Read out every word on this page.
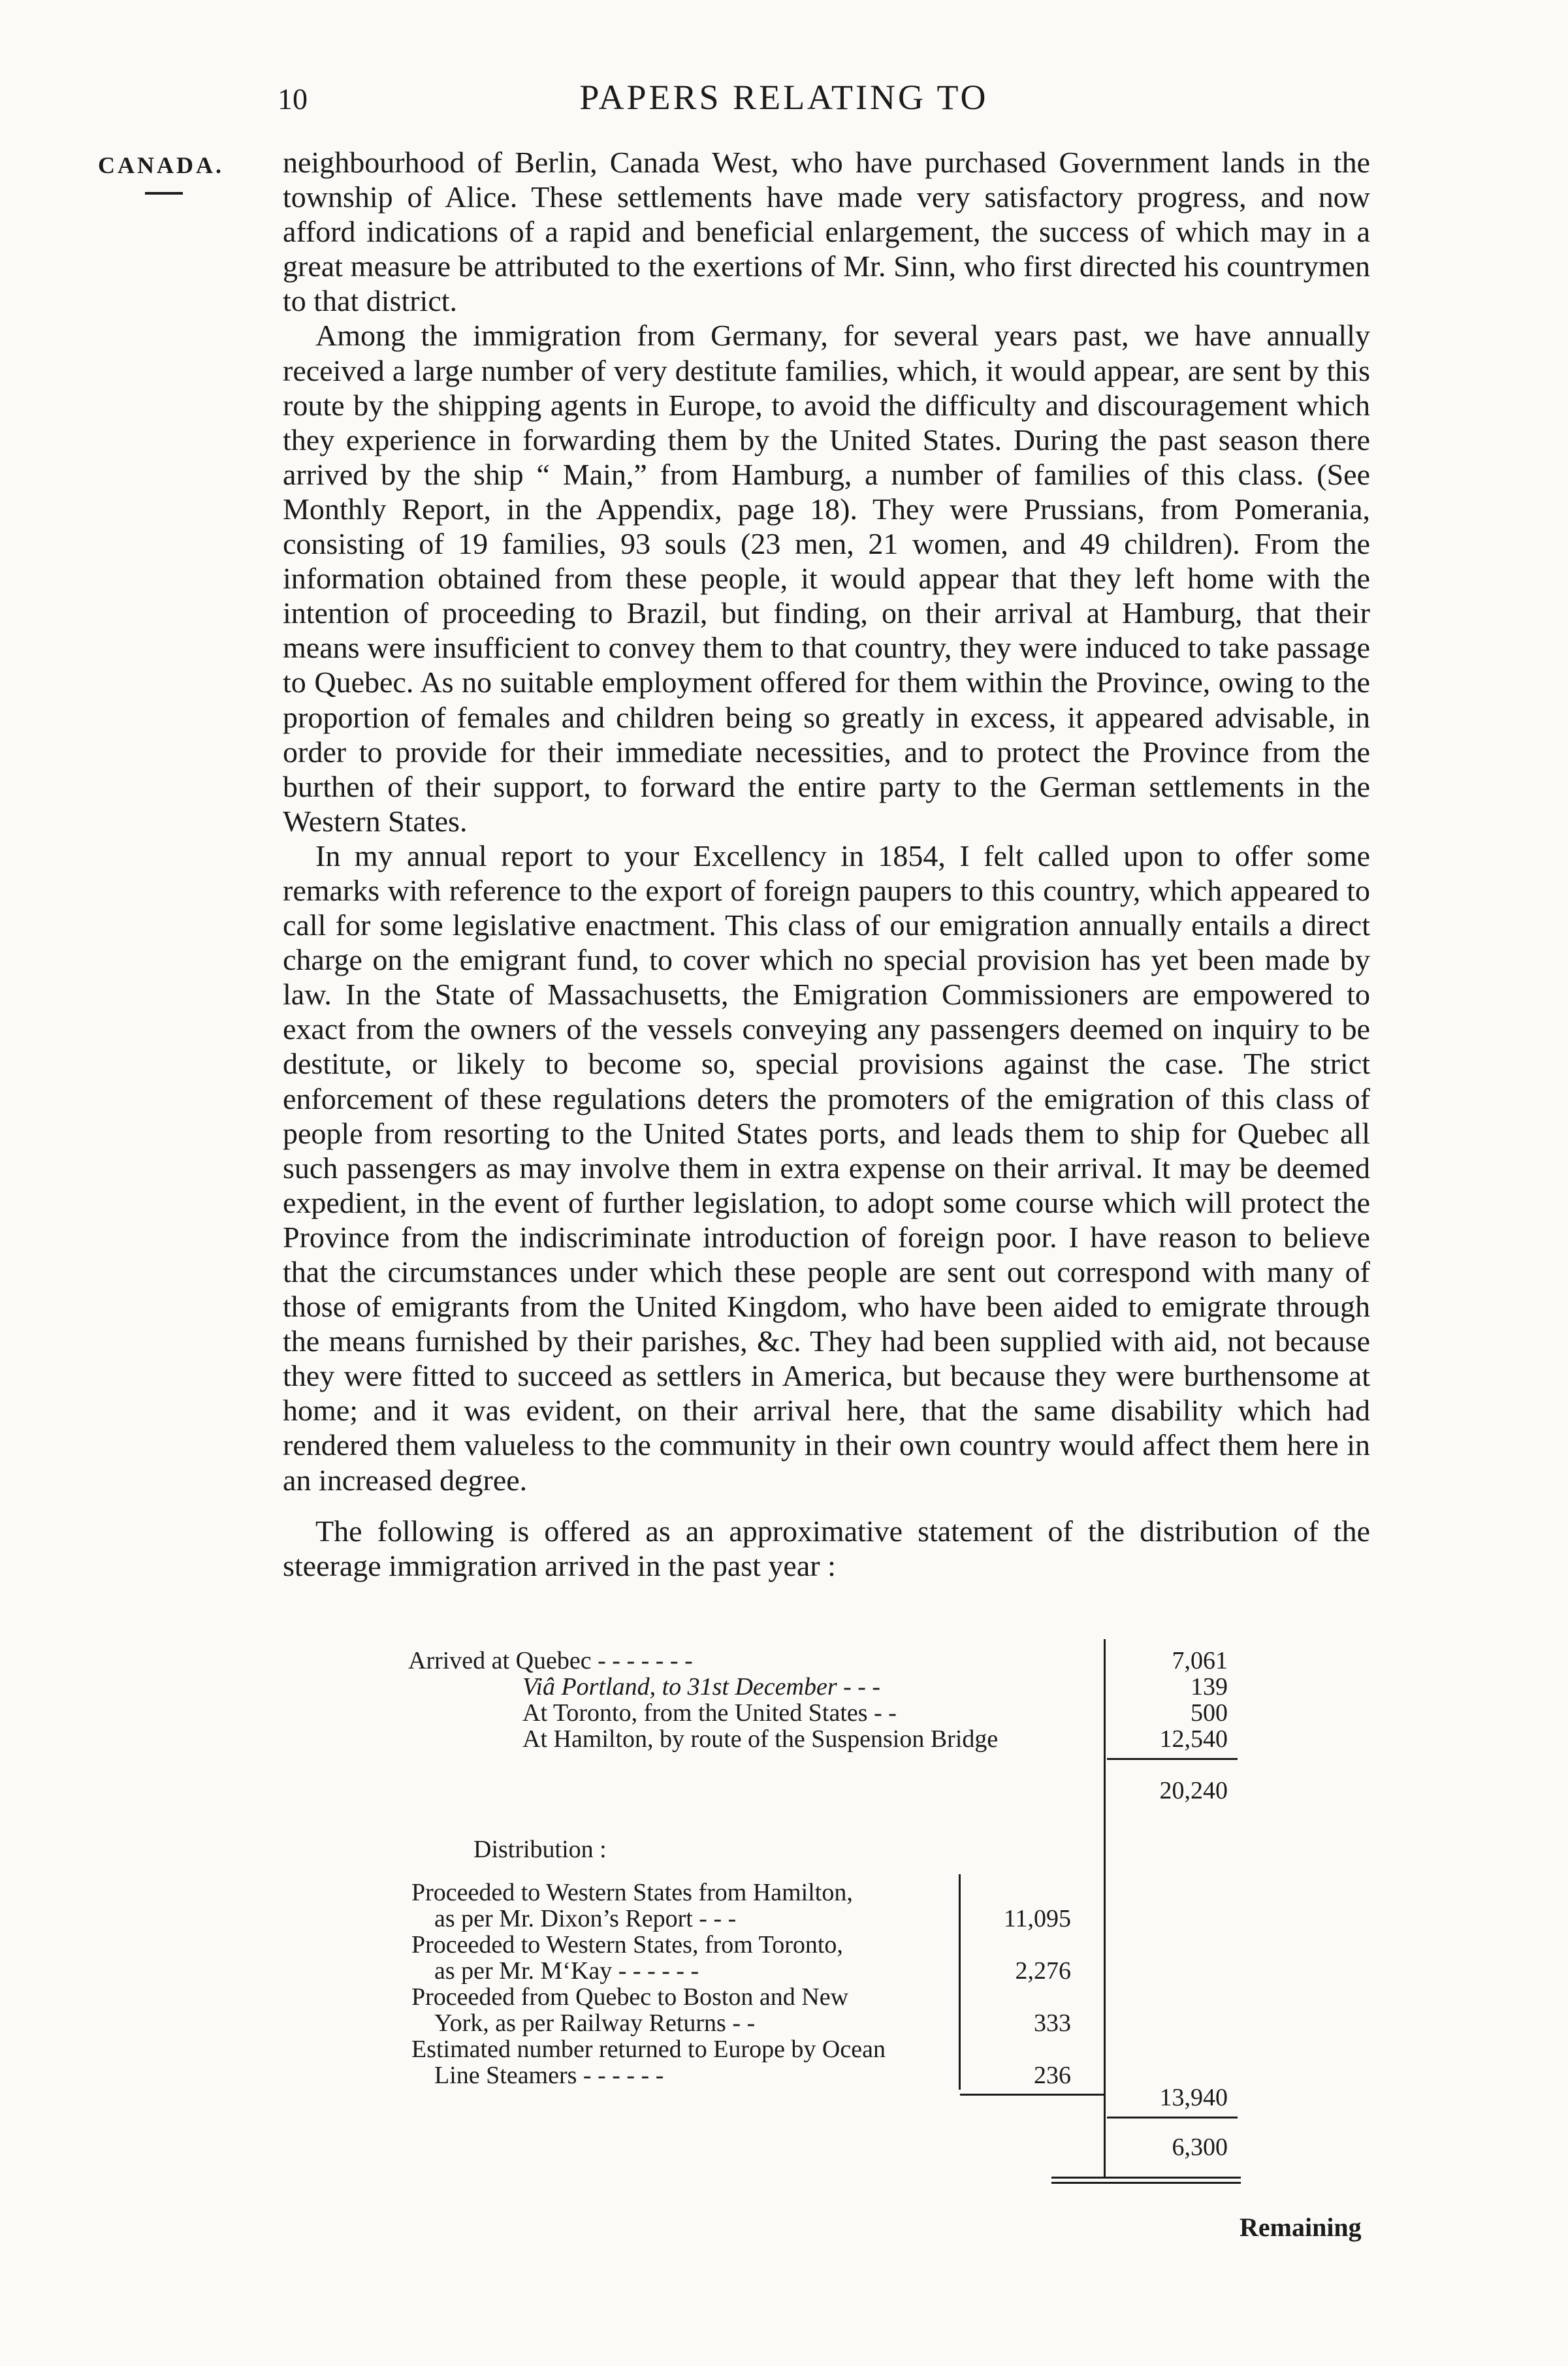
10	PAPERS RELATING TO
CANADA. neighbourhood of Berlin, Canada West, who have purchased Government lands in the township of Alice. These settlements have made very satisfactory progress, and now afford indications of a rapid and beneficial enlargement, the success of which may in a great measure be attributed to the exertions of Mr. Sinn, who first directed his countrymen to that district.

Among the immigration from Germany, for several years past, we have annually received a large number of very destitute families, which, it would appear, are sent by this route by the shipping agents in Europe, to avoid the difficulty and discouragement which they experience in forwarding them by the United States. During the past season there arrived by the ship “ Main,” from Hamburg, a number of families of this class. (See Monthly Report, in the Appendix, page 18). They were Prussians, from Pomerania, consisting of 19 families, 93 souls (23 men, 21 women, and 49 children). From the information obtained from these people, it would appear that they left home with the intention of proceeding to Brazil, but finding, on their arrival at Hamburg, that their means were insufficient to convey them to that country, they were induced to take passage to Quebec. As no suitable employment offered for them within the Province, owing to the proportion of females and children being so greatly in excess, it appeared advisable, in order to provide for their immediate necessities, and to protect the Province from the burthen of their support, to forward the entire party to the German settlements in the Western States.

In my annual report to your Excellency in 1854, I felt called upon to offer some remarks with reference to the export of foreign paupers to this country, which appeared to call for some legislative enactment. This class of our emigration annually entails a direct charge on the emigrant fund, to cover which no special provision has yet been made by law. In the State of Massachusetts, the Emigration Commissioners are empowered to exact from the owners of the vessels conveying any passengers deemed on inquiry to be destitute, or likely to become so, special provisions against the case. The strict enforcement of these regulations deters the promoters of the emigration of this class of people from resorting to the United States ports, and leads them to ship for Quebec all such passengers as may involve them in extra expense on their arrival. It may be deemed expedient, in the event of further legislation, to adopt some course which will protect the Province from the indiscriminate introduction of foreign poor. I have reason to believe that the circumstances under which these people are sent out correspond with many of those of emigrants from the United Kingdom, who have been aided to emigrate through the means furnished by their parishes, &c. They had been supplied with aid, not because they were fitted to succeed as settlers in America, but because they were burthensome at home; and it was evident, on their arrival here, that the same disability which had rendered them valueless to the community in their own country would affect them here in an increased degree.

The following is offered as an approximative statement of the distribution of the steerage immigration arrived in the past year :

Arrived at Quebec - - - - - - -	7,061
Viâ Portland, to 31st December - - -	139
At Toronto, from the United States - -	500
At Hamilton, by route of the Suspension Bridge	12,540
20,240
Distribution :
Proceeded to Western States from Hamilton,
as per Mr. Dixon’s Report - - -	11,095
Proceeded to Western States, from Toronto,
as per Mr. M‘Kay - - - - - -	2,276
Proceeded from Quebec to Boston and New
York, as per Railway Returns - -	333
Estimated number returned to Europe by Ocean
Line Steamers - - - - - -	236
13,940
6,300
Remaining
